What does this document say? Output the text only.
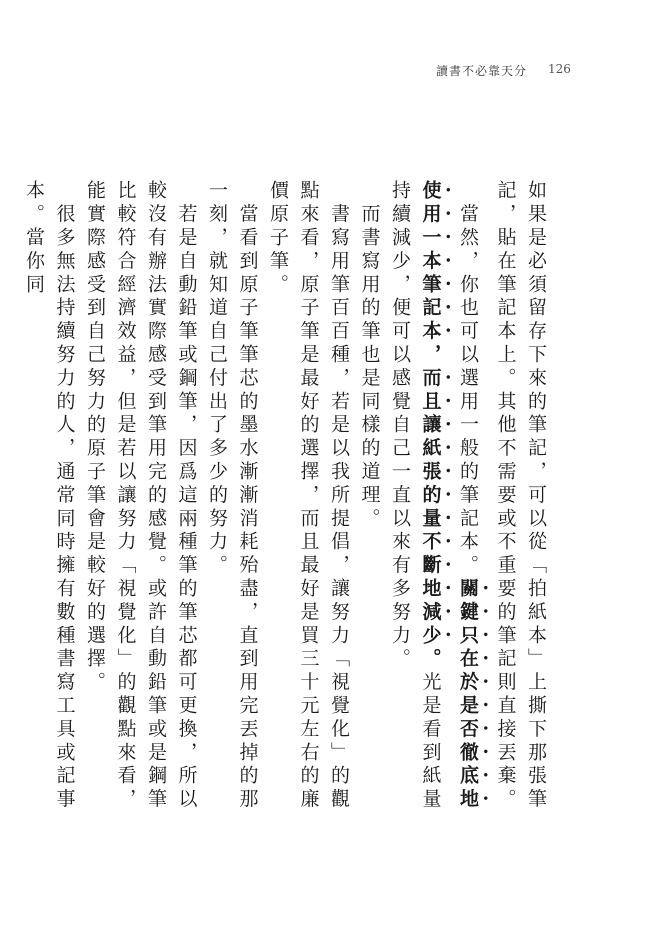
讀書不必靠天分 126

如果是必須留存下來的筆記，可以從「拍紙本」上撕下那張筆記，貼在筆記本上。其他不需要或不重要的筆記則直接丟棄。

　當然，你也可以選用一般的筆記本。關鍵只在於是否徹底地使用一本筆記本，而且讓紙張的量不斷地減少。光是看到紙量持續減少，便可以感覺自己一直以來有多努力。

　而書寫用的筆也是同樣的道理。

　書寫用筆百百種，若是以我所提倡，讓努力「視覺化」的觀點來看，原子筆是最好的選擇，而且最好是買三十元左右的廉價原子筆。

　當看到原子筆筆芯的墨水漸漸消耗殆盡，直到用完丟掉的那一刻，就知道自己付出了多少的努力。

　若是自動鉛筆或鋼筆，因爲這兩種筆的筆芯都可更換，所以較沒有辦法實際感受到筆用完的感覺。或許自動鉛筆或是鋼筆比較符合經濟效益，但是若以讓努力「視覺化」的觀點來看，能實際感受到自己努力的原子筆會是較好的選擇。

　很多無法持續努力的人，通常同時擁有數種書寫工具或記事本。當你同
